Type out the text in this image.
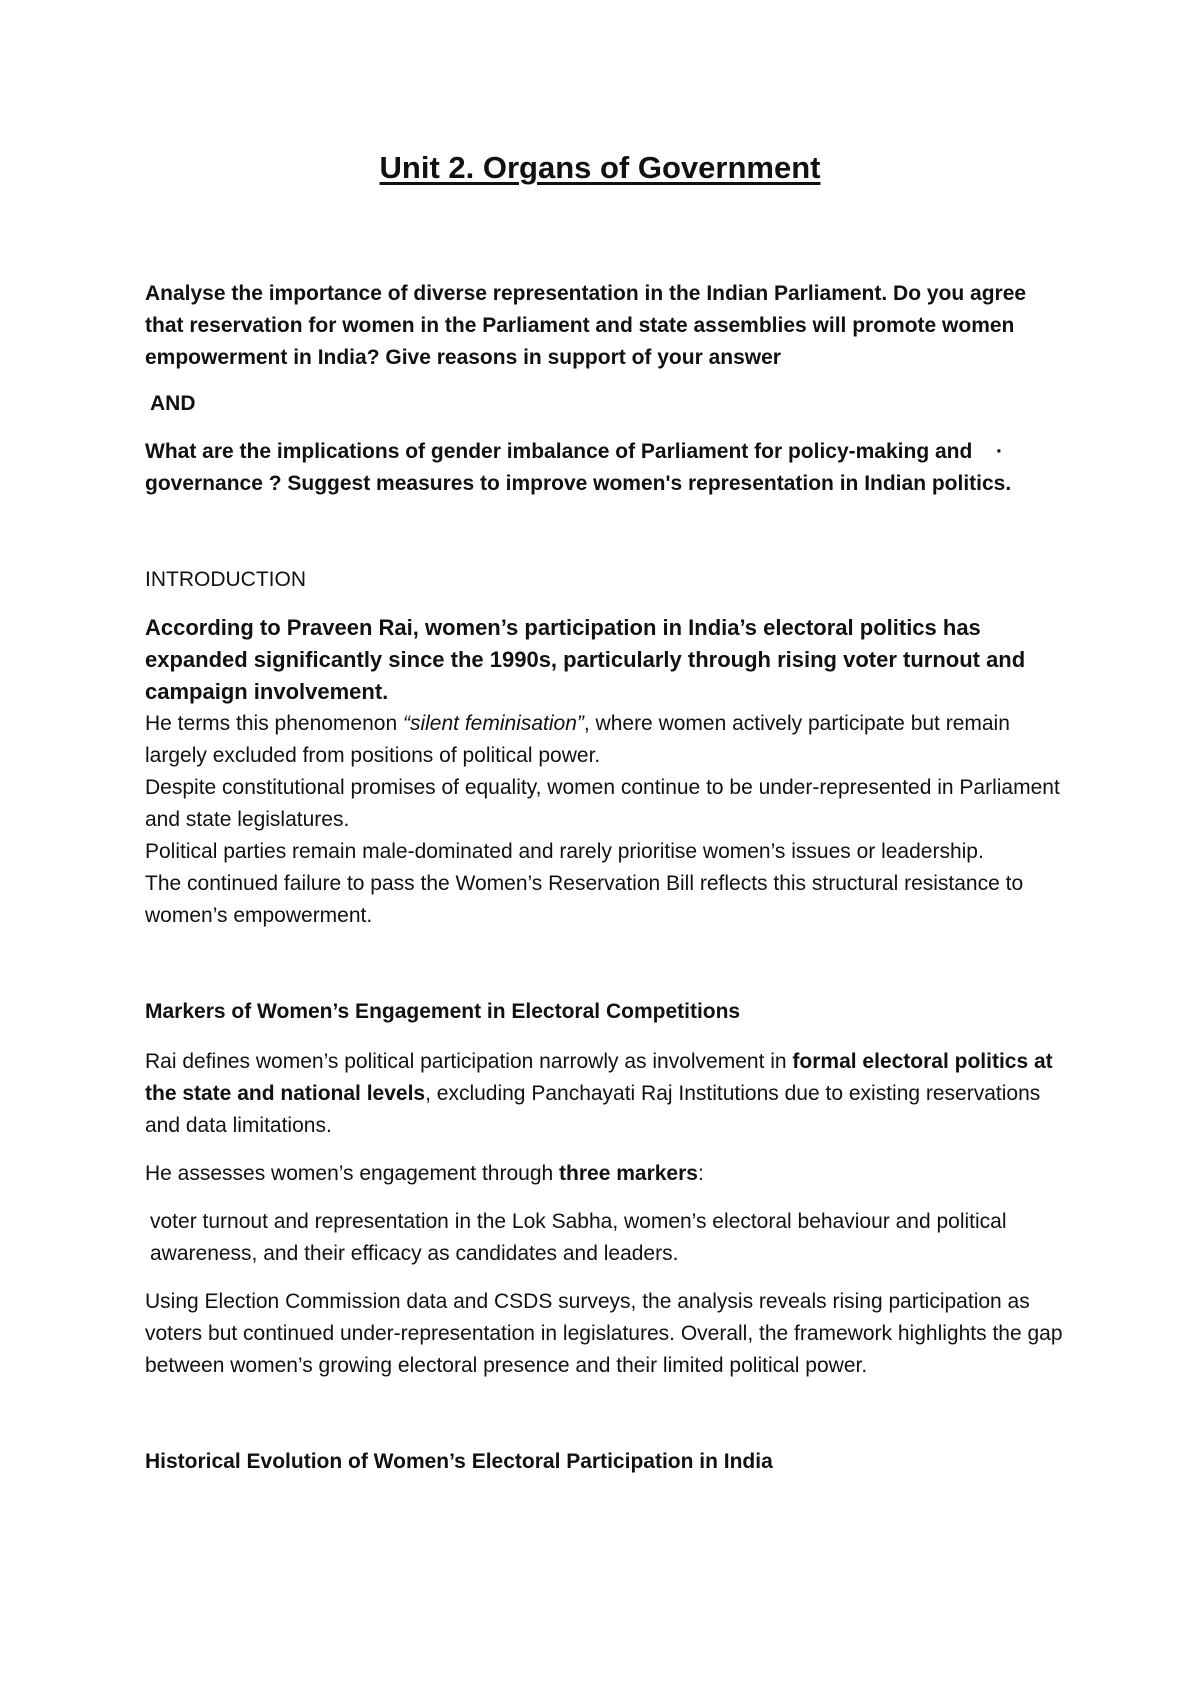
Unit 2. Organs of Government

Analyse the importance of diverse representation in the Indian Parliament. Do you agree that reservation for women in the Parliament and state assemblies will promote women empowerment in India? Give reasons in support of your answer

AND

What are the implications of gender imbalance of Parliament for policy-making and governance ? Suggest measures to improve women's representation in Indian politics.

·

INTRODUCTION

According to Praveen Rai, women’s participation in India’s electoral politics has expanded significantly since the 1990s, particularly through rising voter turnout and campaign involvement.

He terms this phenomenon “silent feminisation”, where women actively participate but remain largely excluded from positions of political power.

Despite constitutional promises of equality, women continue to be under-represented in Parliament and state legislatures.

Political parties remain male-dominated and rarely prioritise women’s issues or leadership.

The continued failure to pass the Women’s Reservation Bill reflects this structural resistance to women’s empowerment.

Markers of Women’s Engagement in Electoral Competitions

Rai defines women’s political participation narrowly as involvement in formal electoral politics at the state and national levels, excluding Panchayati Raj Institutions due to existing reservations and data limitations.

He assesses women’s engagement through three markers:

voter turnout and representation in the Lok Sabha, women’s electoral behaviour and political awareness, and their efficacy as candidates and leaders.

Using Election Commission data and CSDS surveys, the analysis reveals rising participation as voters but continued under-representation in legislatures. Overall, the framework highlights the gap between women’s growing electoral presence and their limited political power.

Historical Evolution of Women’s Electoral Participation in India
